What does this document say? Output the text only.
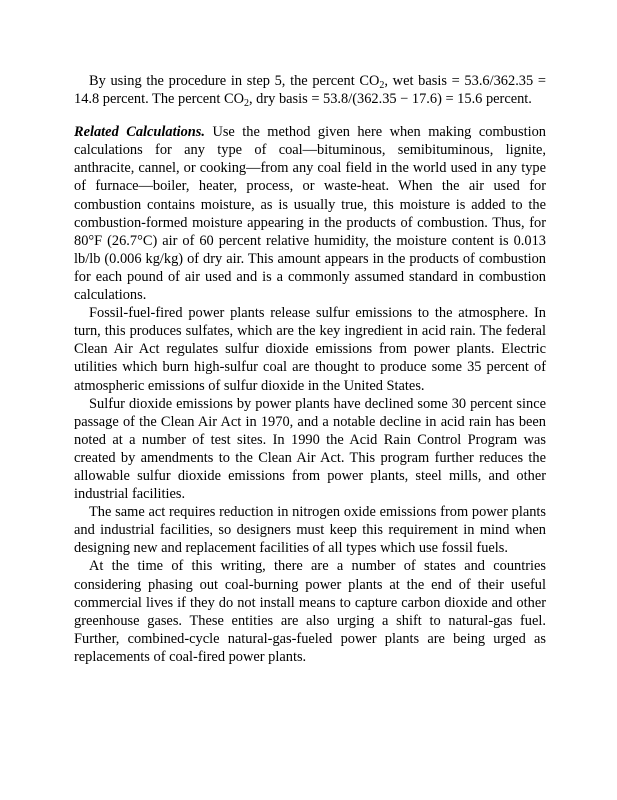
By using the procedure in step 5, the percent $CO_2$, wet basis = 53.6/362.35 = 14.8 percent. The percent $CO_2$, dry basis = 53.8/(362.35 − 17.6) = 15.6 percent.

Related Calculations. Use the method given here when making combustion calculations for any type of coal—bituminous, semibituminous, lignite, anthracite, cannel, or cooking—from any coal field in the world used in any type of furnace—boiler, heater, process, or waste-heat. When the air used for combustion contains moisture, as is usually true, this moisture is added to the combustion-formed moisture appearing in the products of combustion. Thus, for 80°F (26.7°C) air of 60 percent relative humidity, the moisture content is 0.013 lb/lb (0.006 kg/kg) of dry air. This amount appears in the products of combustion for each pound of air used and is a commonly assumed standard in combustion calculations.

Fossil-fuel-fired power plants release sulfur emissions to the atmosphere. In turn, this produces sulfates, which are the key ingredient in acid rain. The federal Clean Air Act regulates sulfur dioxide emissions from power plants. Electric utilities which burn high-sulfur coal are thought to produce some 35 percent of atmospheric emissions of sulfur dioxide in the United States.

Sulfur dioxide emissions by power plants have declined some 30 percent since passage of the Clean Air Act in 1970, and a notable decline in acid rain has been noted at a number of test sites. In 1990 the Acid Rain Control Program was created by amendments to the Clean Air Act. This program further reduces the allowable sulfur dioxide emissions from power plants, steel mills, and other industrial facilities.

The same act requires reduction in nitrogen oxide emissions from power plants and industrial facilities, so designers must keep this requirement in mind when designing new and replacement facilities of all types which use fossil fuels.

At the time of this writing, there are a number of states and countries considering phasing out coal-burning power plants at the end of their useful commercial lives if they do not install means to capture carbon dioxide and other greenhouse gases. These entities are also urging a shift to natural-gas fuel. Further, combined-cycle natural-gas-fueled power plants are being urged as replacements of coal-fired power plants.
